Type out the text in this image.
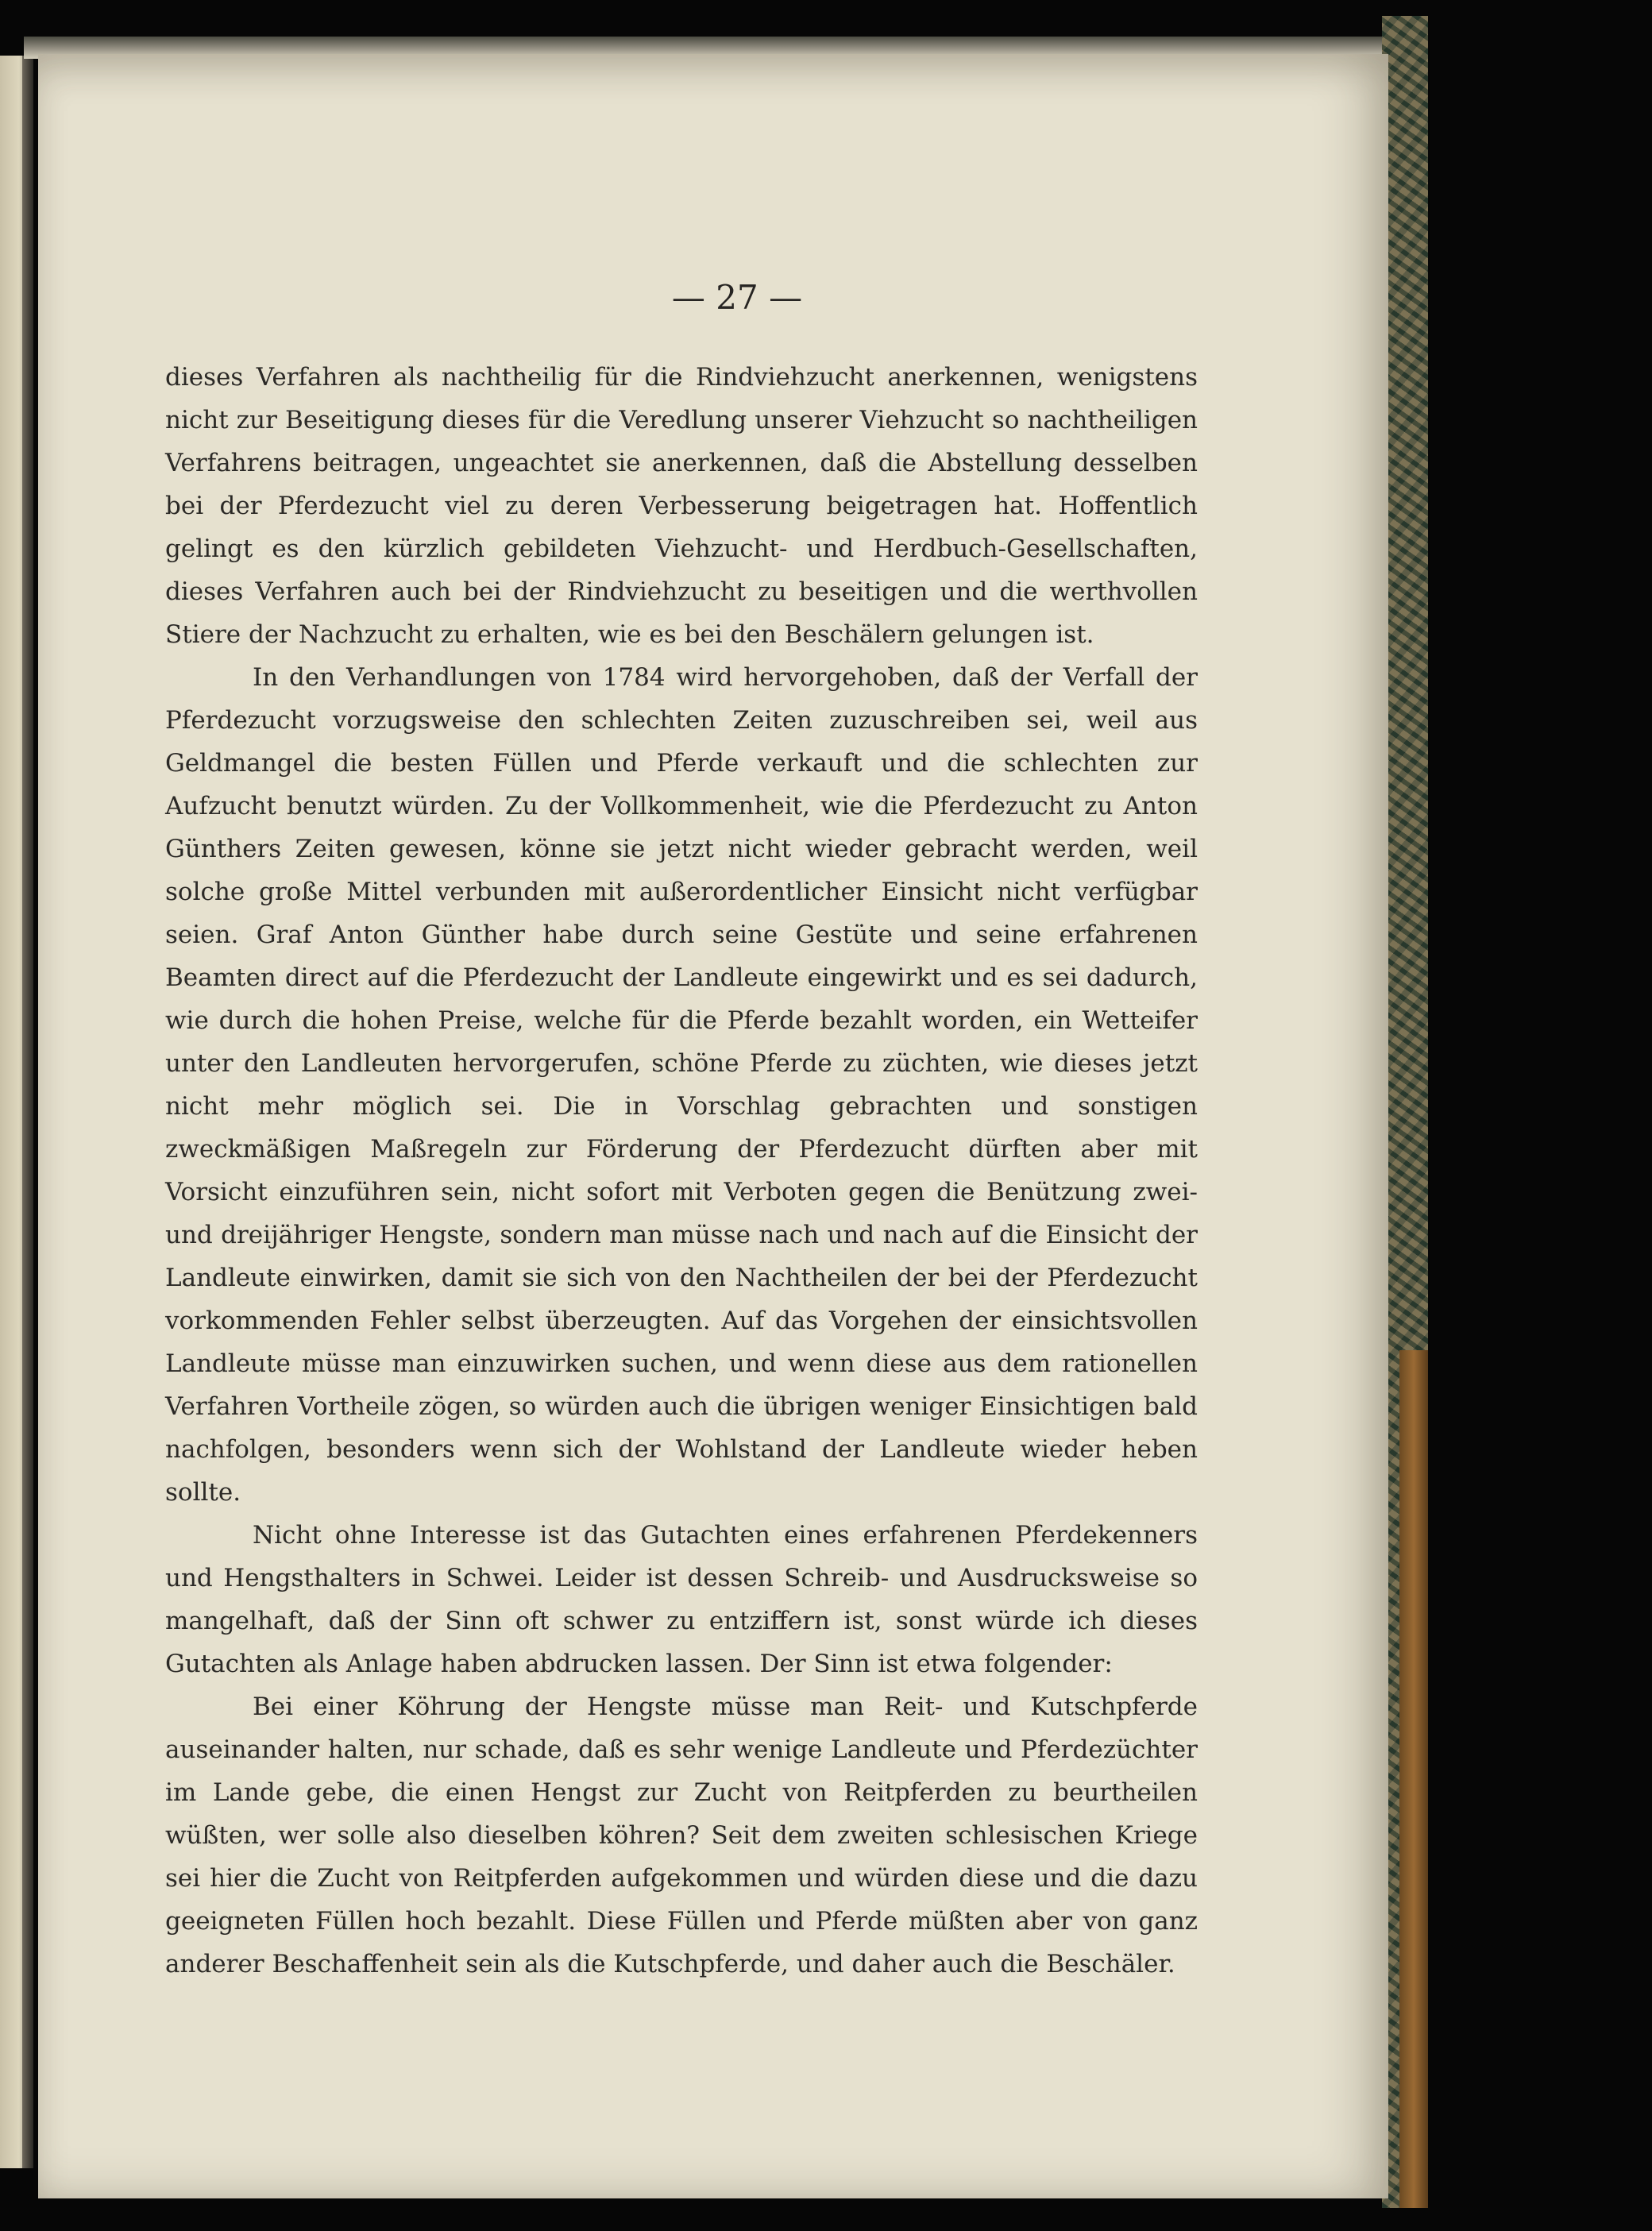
— 27 —

dieses Verfahren als nachtheilig für die Rindviehzucht anerkennen, wenigstens nicht zur Beseitigung dieses für die Veredlung unserer Viehzucht so nachtheiligen Verfahrens beitragen, ungeachtet sie anerkennen, daß die Abstellung desselben bei der Pferdezucht viel zu deren Verbesserung beigetragen hat. Hoffentlich gelingt es den kürzlich gebildeten Viehzucht- und Herdbuch-Gesellschaften, dieses Verfahren auch bei der Rindviehzucht zu beseitigen und die werthvollen Stiere der Nachzucht zu erhalten, wie es bei den Beschälern gelungen ist.

In den Verhandlungen von 1784 wird hervorgehoben, daß der Verfall der Pferdezucht vorzugsweise den schlechten Zeiten zuzuschreiben sei, weil aus Geldmangel die besten Füllen und Pferde verkauft und die schlechten zur Aufzucht benutzt würden. Zu der Vollkommenheit, wie die Pferdezucht zu Anton Günthers Zeiten gewesen, könne sie jetzt nicht wieder gebracht werden, weil solche große Mittel verbunden mit außerordentlicher Einsicht nicht verfügbar seien. Graf Anton Günther habe durch seine Gestüte und seine erfahrenen Beamten direct auf die Pferdezucht der Landleute eingewirkt und es sei dadurch, wie durch die hohen Preise, welche für die Pferde bezahlt worden, ein Wetteifer unter den Landleuten hervorgerufen, schöne Pferde zu züchten, wie dieses jetzt nicht mehr möglich sei. Die in Vorschlag gebrachten und sonstigen zweckmäßigen Maßregeln zur Förderung der Pferdezucht dürften aber mit Vorsicht einzuführen sein, nicht sofort mit Verboten gegen die Benützung zwei- und dreijähriger Hengste, sondern man müsse nach und nach auf die Einsicht der Landleute einwirken, damit sie sich von den Nachtheilen der bei der Pferdezucht vorkommenden Fehler selbst überzeugten. Auf das Vorgehen der einsichtsvollen Landleute müsse man einzuwirken suchen, und wenn diese aus dem rationellen Verfahren Vortheile zögen, so würden auch die übrigen weniger Einsichtigen bald nachfolgen, besonders wenn sich der Wohlstand der Landleute wieder heben sollte.

Nicht ohne Interesse ist das Gutachten eines erfahrenen Pferdekenners und Hengsthalters in Schwei. Leider ist dessen Schreib- und Ausdrucksweise so mangelhaft, daß der Sinn oft schwer zu entziffern ist, sonst würde ich dieses Gutachten als Anlage haben abdrucken lassen. Der Sinn ist etwa folgender:

Bei einer Köhrung der Hengste müsse man Reit- und Kutschpferde auseinander halten, nur schade, daß es sehr wenige Landleute und Pferdezüchter im Lande gebe, die einen Hengst zur Zucht von Reitpferden zu beurtheilen wüßten, wer solle also dieselben köhren? Seit dem zweiten schlesischen Kriege sei hier die Zucht von Reitpferden aufgekommen und würden diese und die dazu geeigneten Füllen hoch bezahlt. Diese Füllen und Pferde müßten aber von ganz anderer Beschaffenheit sein als die Kutschpferde, und daher auch die Beschäler.
